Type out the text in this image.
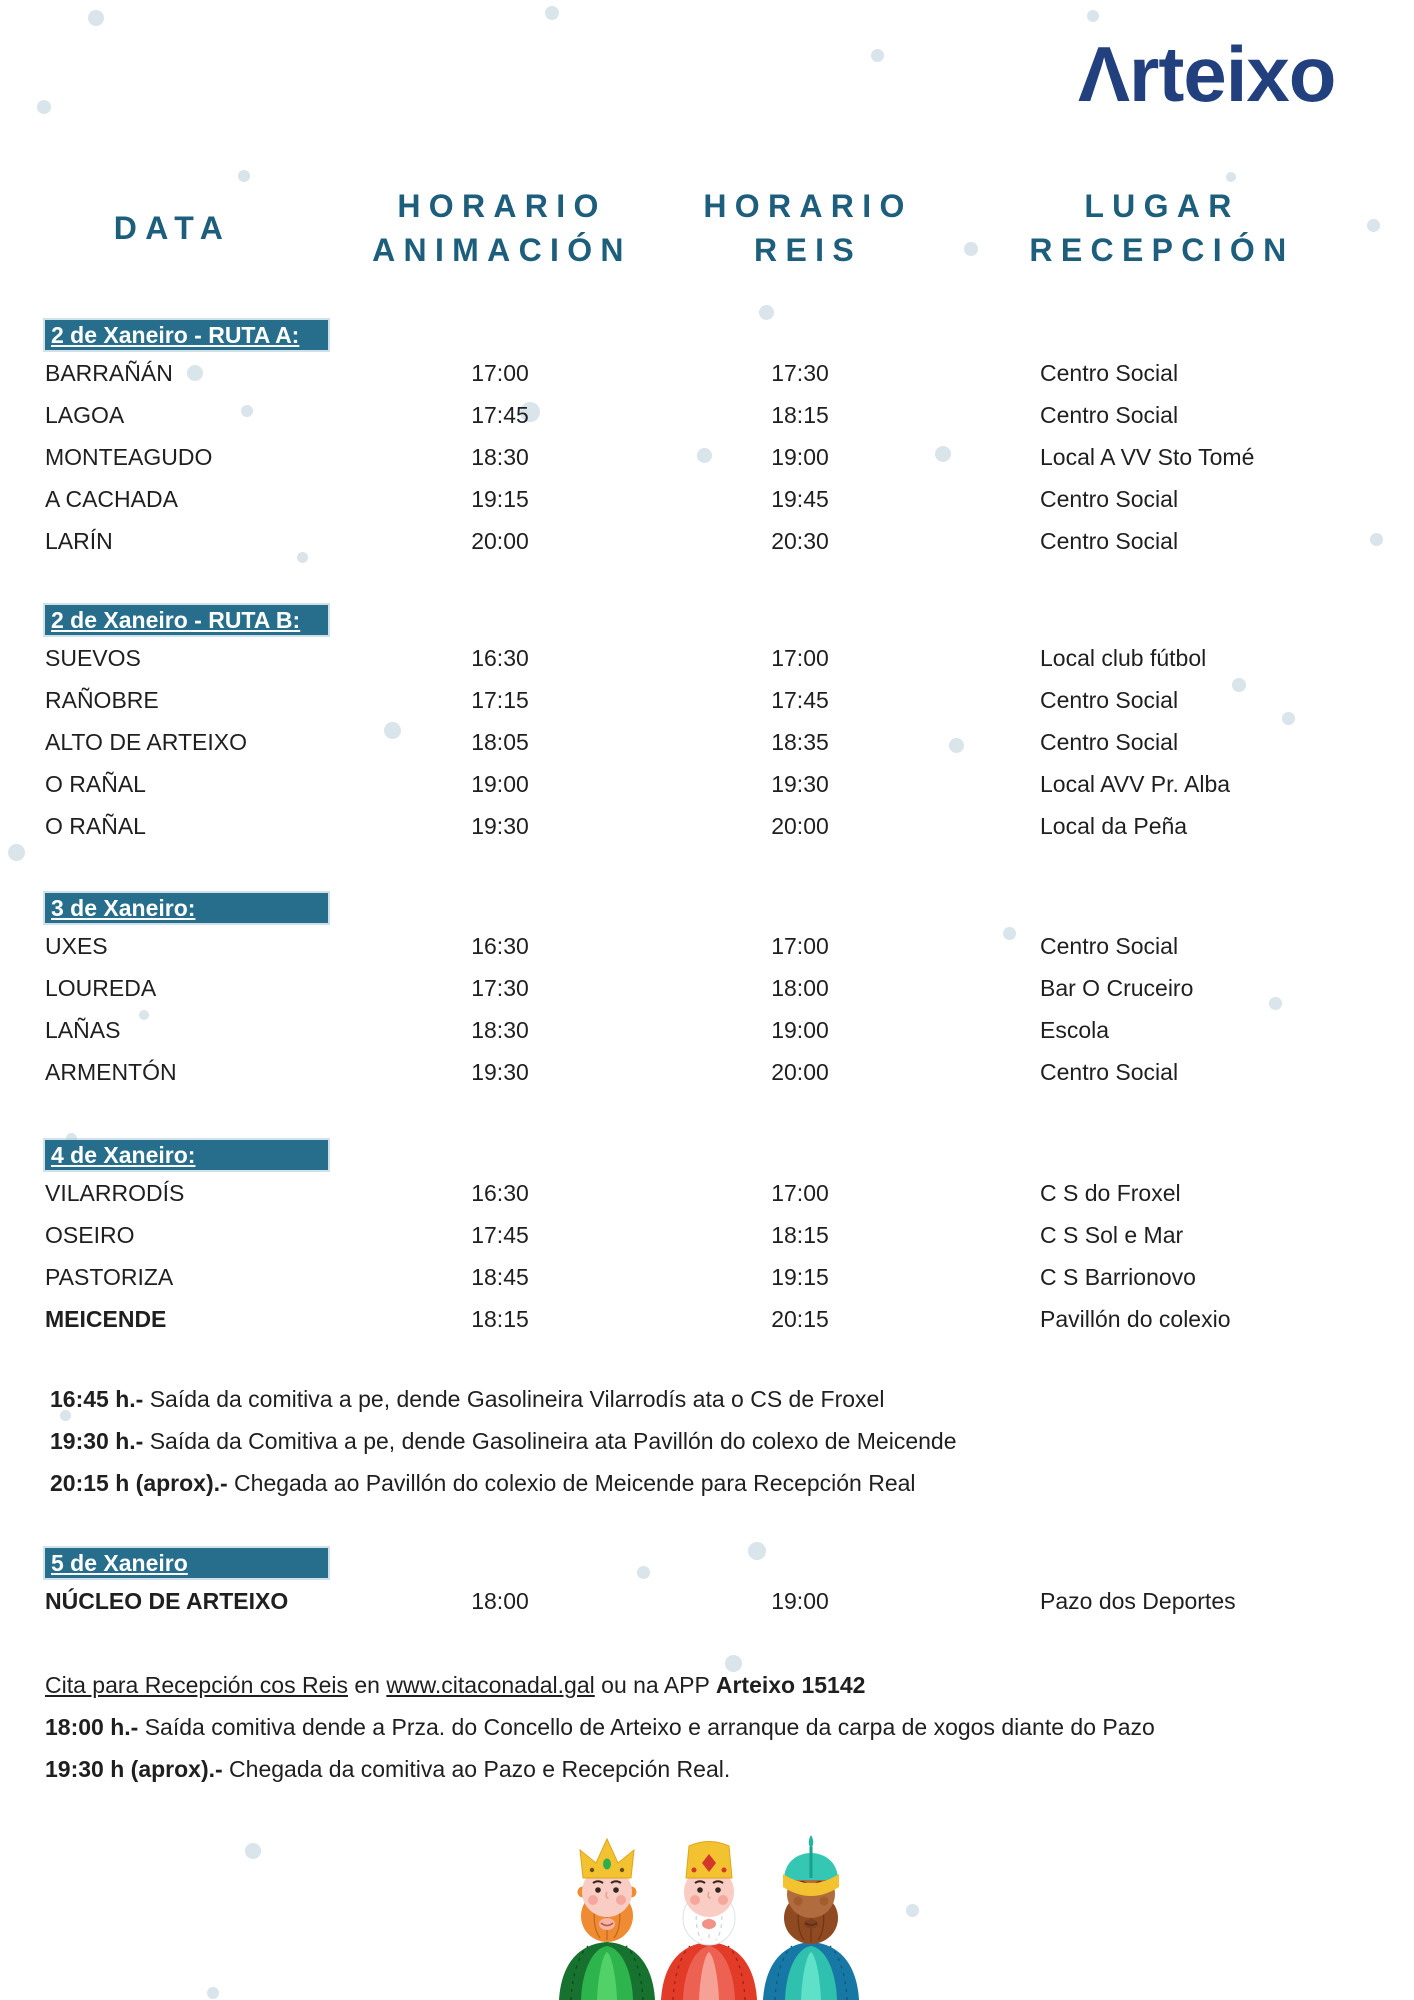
Λrteixo
DATA
HORARIO
ANIMACIÓN
HORARIO
REIS
LUGAR
RECEPCIÓN
2 de Xaneiro - RUTA A:
BARRAÑÁN	17:00	17:30	Centro Social
LAGOA	17:45	18:15	Centro Social
MONTEAGUDO	18:30	19:00	Local A VV Sto Tomé
A CACHADA	19:15	19:45	Centro Social
LARÍN	20:00	20:30	Centro Social
2 de Xaneiro - RUTA B:
SUEVOS	16:30	17:00	Local club fútbol
RAÑOBRE	17:15	17:45	Centro Social
ALTO DE ARTEIXO	18:05	18:35	Centro Social
O RAÑAL	19:00	19:30	Local AVV Pr. Alba
O RAÑAL	19:30	20:00	Local da Peña
3 de Xaneiro:
UXES	16:30	17:00	Centro Social
LOUREDA	17:30	18:00	Bar O Cruceiro
LAÑAS	18:30	19:00	Escola
ARMENTÓN	19:30	20:00	Centro Social
4 de Xaneiro:
VILARRODÍS	16:30	17:00	C S do Froxel
OSEIRO	17:45	18:15	C S Sol e Mar
PASTORIZA	18:45	19:15	C S Barrionovo
MEICENDE	18:15	20:15	Pavillón do colexio
5 de Xaneiro
NÚCLEO DE ARTEIXO	18:00	19:00	Pazo dos Deportes
16:45 h.- Saída da comitiva a pe, dende Gasolineira Vilarrodís ata o CS de Froxel
19:30 h.- Saída da Comitiva a pe, dende Gasolineira ata Pavillón do colexo de Meicende
20:15 h (aprox).- Chegada ao Pavillón do colexio de Meicende para Recepción Real
Cita para Recepción cos Reis en www.citaconadal.gal ou na APP Arteixo 15142
18:00 h.- Saída comitiva dende a Prza. do Concello de Arteixo e arranque da carpa de xogos diante do Pazo
19:30 h (aprox).- Chegada da comitiva ao Pazo e Recepción Real.
